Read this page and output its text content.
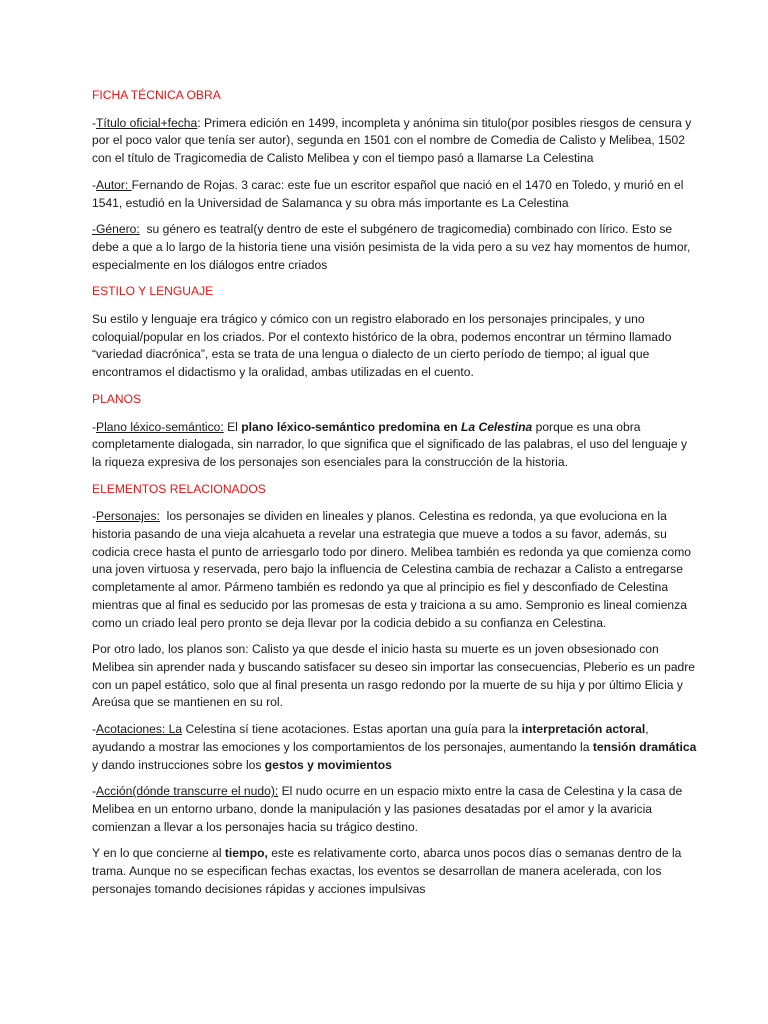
FICHA TÉCNICA OBRA

-Título oficial+fecha: Primera edición en 1499, incompleta y anónima sin titulo(por posibles riesgos de censura y por el poco valor que tenía ser autor), segunda en 1501 con el nombre de Comedia de Calisto y Melibea, 1502 con el título de Tragicomedia de Calisto Melibea y con el tiempo pasó a llamarse La Celestina

-Autor: Fernando de Rojas. 3 carac: este fue un escritor español que nació en el 1470 en Toledo, y murió en el 1541, estudió en la Universidad de Salamanca y su obra más importante es La Celestina

-Género:  su género es teatral(y dentro de este el subgénero de tragicomedia) combinado con lírico. Esto se debe a que a lo largo de la historia tiene una visión pesimista de la vida pero a su vez hay momentos de humor, especialmente en los diálogos entre criados

ESTILO Y LENGUAJE

Su estilo y lenguaje era trágico y cómico con un registro elaborado en los personajes principales, y uno coloquial/popular en los criados. Por el contexto histórico de la obra, podemos encontrar un término llamado “variedad diacrónica”, esta se trata de una lengua o dialecto de un cierto período de tiempo; al igual que encontramos el didactismo y la oralidad, ambas utilizadas en el cuento.

PLANOS

-Plano léxico-semántico: El plano léxico-semántico predomina en La Celestina porque es una obra completamente dialogada, sin narrador, lo que significa que el significado de las palabras, el uso del lenguaje y la riqueza expresiva de los personajes son esenciales para la construcción de la historia.

ELEMENTOS RELACIONADOS

-Personajes:  los personajes se dividen en lineales y planos. Celestina es redonda, ya que evoluciona en la historia pasando de una vieja alcahueta a revelar una estrategia que mueve a todos a su favor, además, su codicia crece hasta el punto de arriesgarlo todo por dinero. Melibea también es redonda ya que comienza como una joven virtuosa y reservada, pero bajo la influencia de Celestina cambia de rechazar a Calisto a entregarse completamente al amor. Pármeno también es redondo ya que al principio es fiel y desconfiado de Celestina mientras que al final es seducido por las promesas de esta y traiciona a su amo. Sempronio es lineal comienza como un criado leal pero pronto se deja llevar por la codicia debido a su confianza en Celestina.

Por otro lado, los planos son: Calisto ya que desde el inicio hasta su muerte es un joven obsesionado con Melibea sin aprender nada y buscando satisfacer su deseo sin importar las consecuencias, Pleberio es un padre con un papel estático, solo que al final presenta un rasgo redondo por la muerte de su hija y por último Elicia y Areúsa que se mantienen en su rol.

-Acotaciones: La Celestina sí tiene acotaciones. Estas aportan una guía para la interpretación actoral, ayudando a mostrar las emociones y los comportamientos de los personajes, aumentando la tensión dramática y dando instrucciones sobre los gestos y movimientos

-Acción(dónde transcurre el nudo): El nudo ocurre en un espacio mixto entre la casa de Celestina y la casa de Melibea en un entorno urbano, donde la manipulación y las pasiones desatadas por el amor y la avaricia comienzan a llevar a los personajes hacia su trágico destino.

Y en lo que concierne al tiempo, este es relativamente corto, abarca unos pocos días o semanas dentro de la trama. Aunque no se especifican fechas exactas, los eventos se desarrollan de manera acelerada, con los personajes tomando decisiones rápidas y acciones impulsivas
